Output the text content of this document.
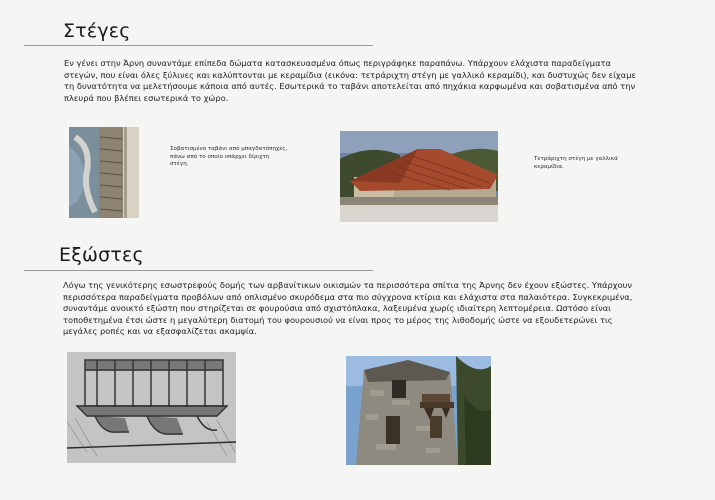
Στέγες

Εν γένει στην Άρνη συναντάμε επίπεδα δώματα κατασκευασμένα όπως περιγράφηκε παραπάνω. Υπάρχουν ελάχιστα παραδείγματα στεγών, που είναι όλες ξύλινες και καλύπτονται με κεραμίδια (εικόνα: τετράριχτη στέγη με γαλλικό κεραμίδι), και δυστυχώς δεν είχαμε τη δυνατότητα να μελετήσουμε κάποια από αυτές. Εσωτερικά το ταβάνι αποτελείται από πηχάκια καρφωμένα και σοβατισμένα από την πλευρά που βλέπει εσωτερικά το χώρο.

Σοβατισμένο ταβάνι από μπαγδατόπηχες, πάνω από το οποίο υπάρχει δίριχτη στέγη.
Τετράριχτη στέγη με γαλλικά κεραμίδια.
Εξώστες

Λόγω της γενικότερης εσωστρεφούς δομής των αρβανίτικων οικισμών τα περισσότερα σπίτια της Άρνης δεν έχουν εξώστες. Υπάρχουν περισσότερα παραδείγματα προβόλων από οπλισμένο σκυρόδεμα στα πιο σύγχρονα κτίρια και ελάχιστα στα παλαιότερα. Συγκεκριμένα, συναντάμε ανοικτό εξώστη που στηρίζεται σε φουρούσια από σχιστόπλακα, λαξευμένα χωρίς ιδιαίτερη λεπτομέρεια. Ωστόσο είναι τοποθετημένα έτσι ώστε η μεγαλύτερη διατομή του φουρουσιού να είναι προς το μέρος της λιθοδομής ώστε να εξουδετερώνει τις μεγάλες ροπές και να εξασφαλίζεται ακαμψία.
